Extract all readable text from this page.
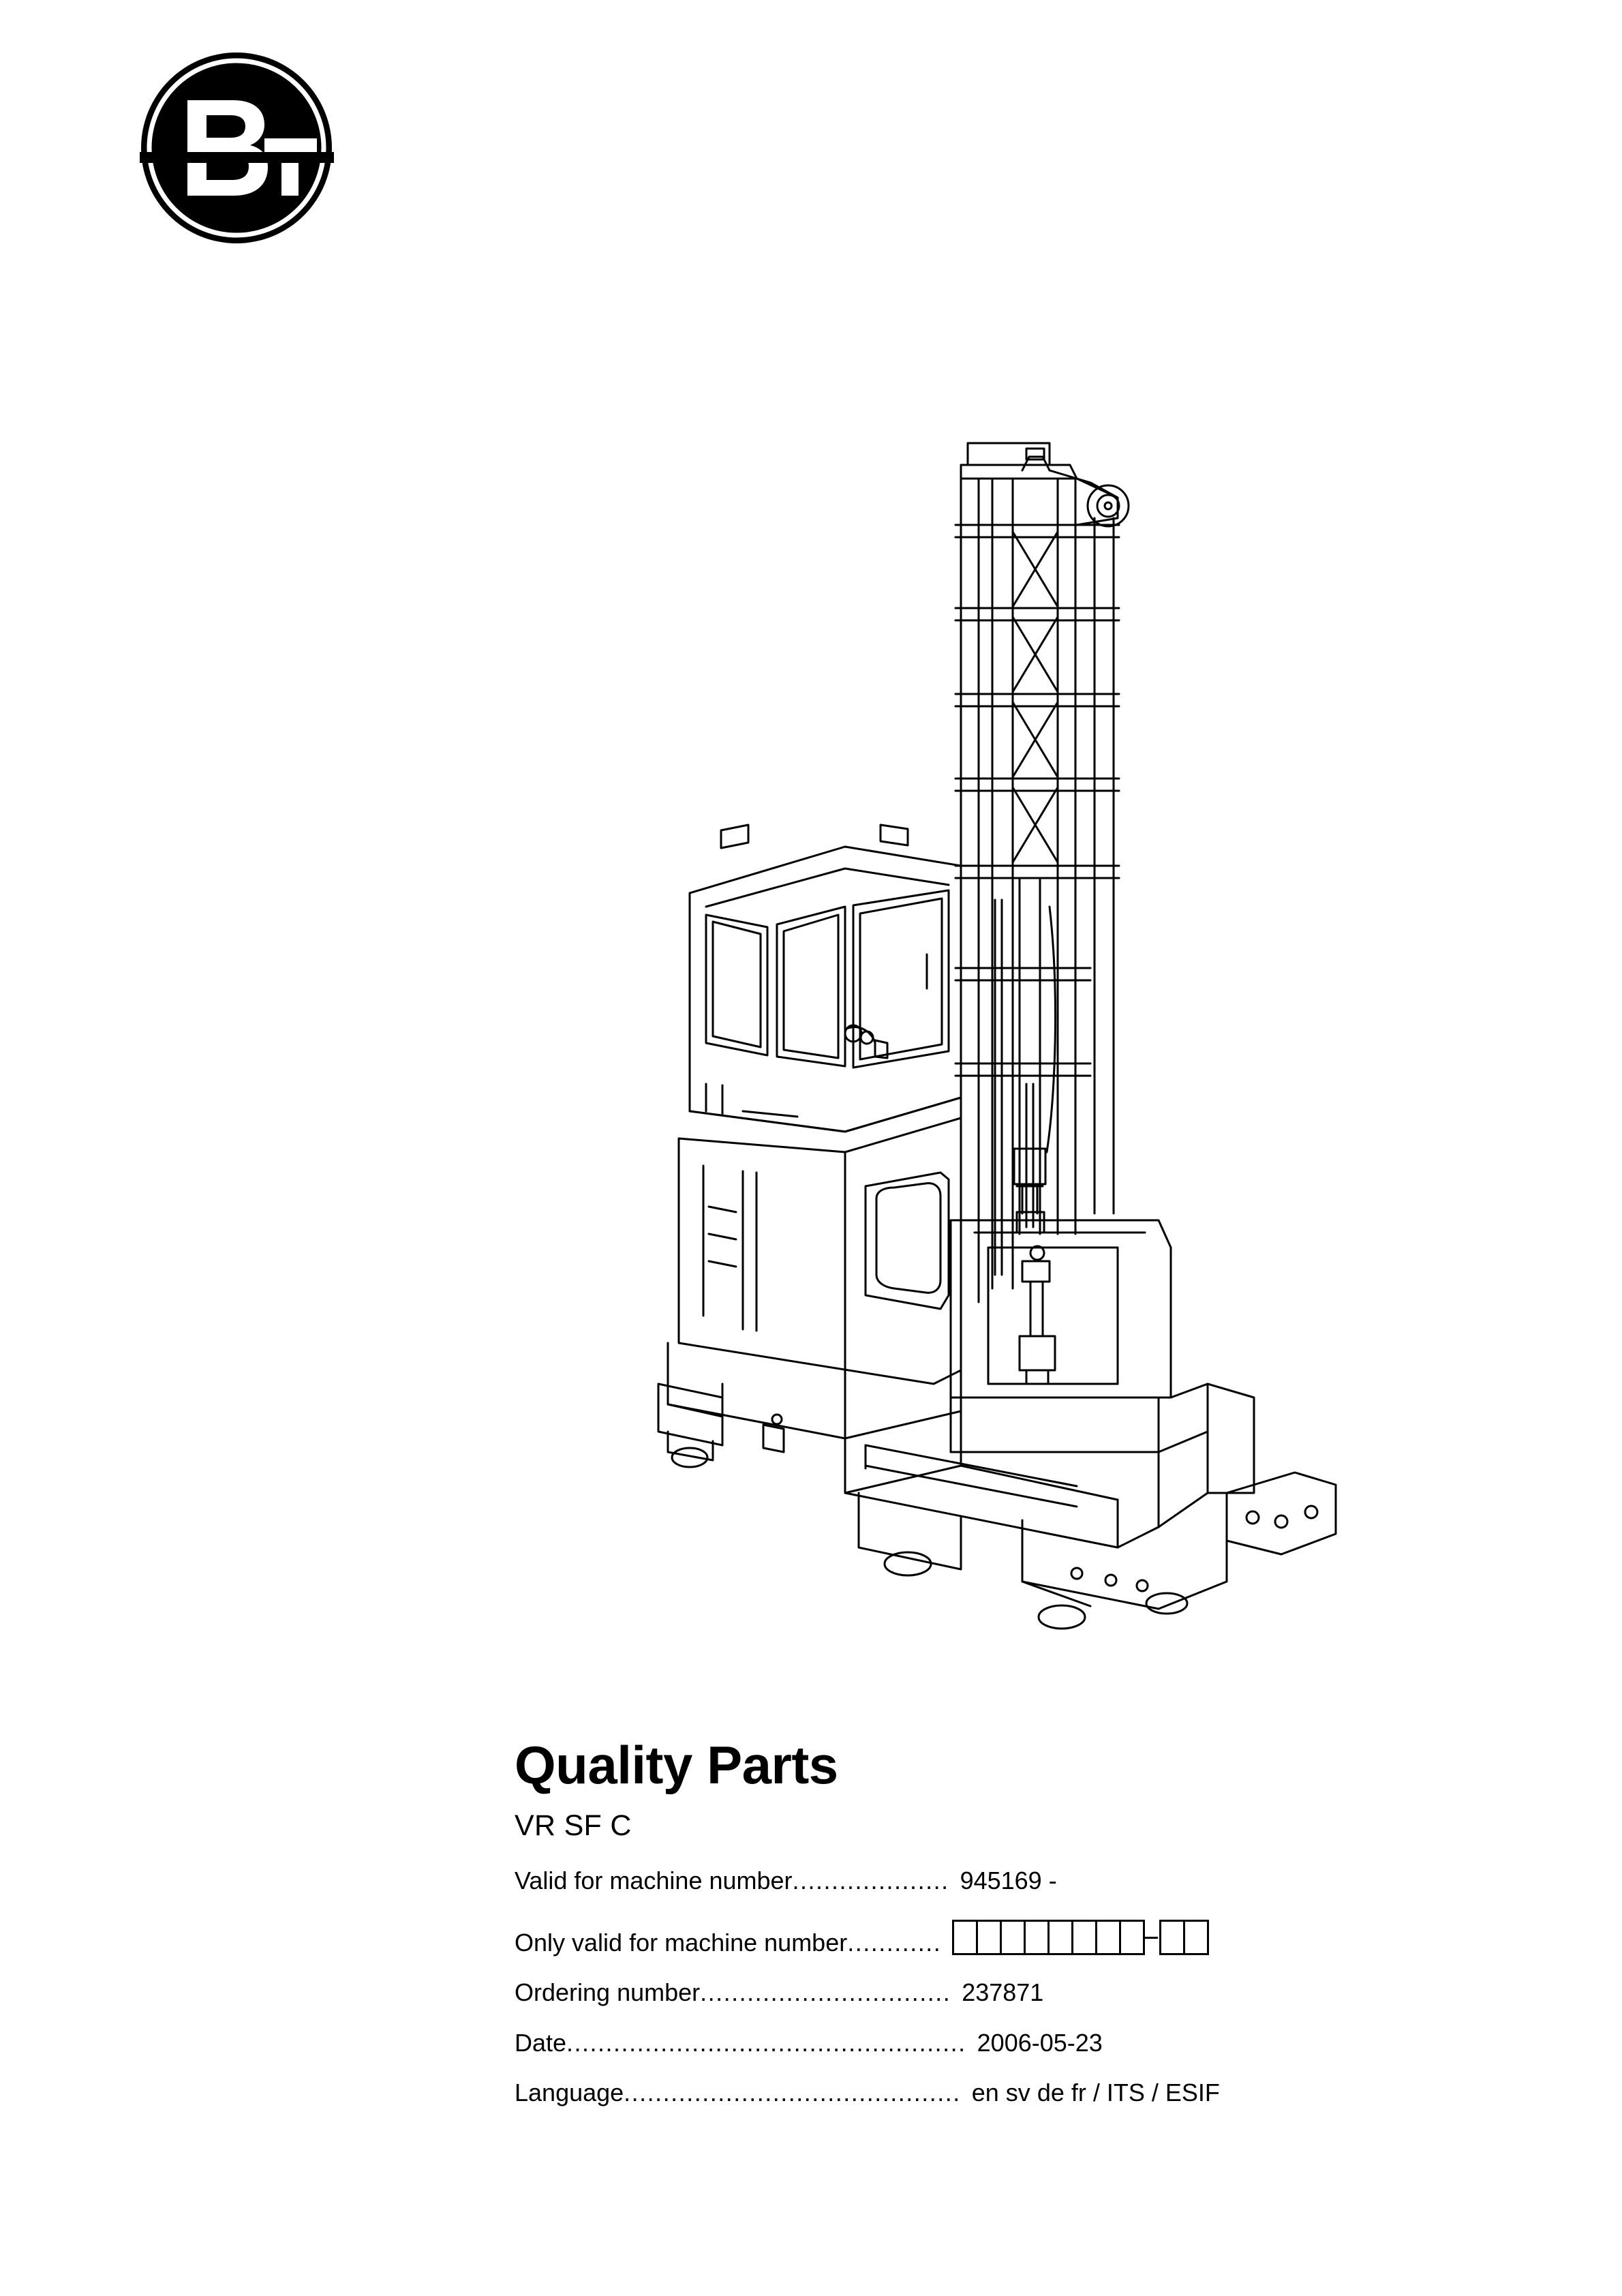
Quality Parts
VR SF C
Valid for machine number .................... 945169 -
Only valid for machine number ............
Ordering number ................................ 237871
Date ................................................... 2006-05-23
Language ........................................... en sv de fr / ITS / ESIF
